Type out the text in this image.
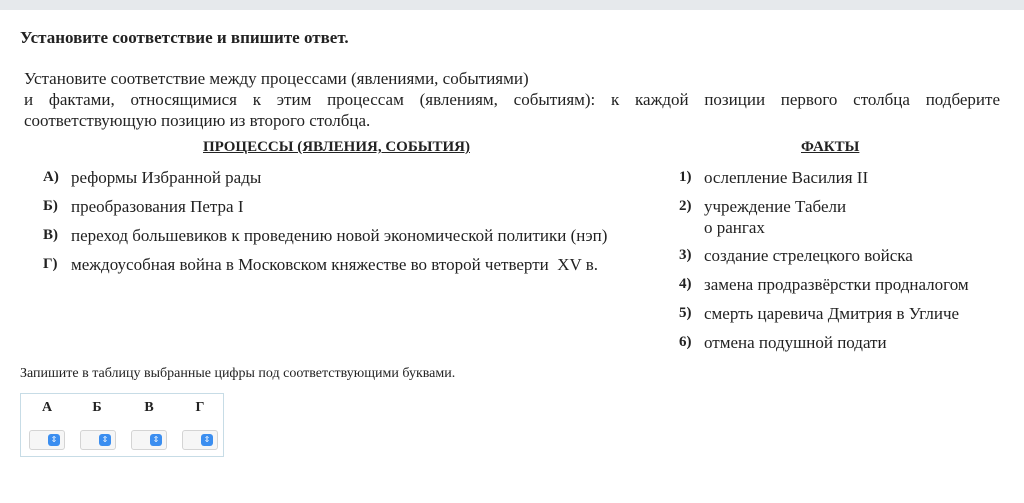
Установите соответствие и впишите ответ.

Установите соответствие между процессами (явлениями, событиями)

и фактами, относящимися к этим процессам (явлениям, событиям): к каждой позиции первого столбца подберите

соответствующую позицию из второго столбца.

ПРОЦЕССЫ (ЯВЛЕНИЯ, СОБЫТИЯ)	ФАКТЫ
А) реформы Избранной рады
Б) преобразования Петра I
В) переход большевиков к проведению новой экономической политики (нэп)
Г) междоусобная война в Московском княжестве во второй четверти  XV в.
1) ослепление Василия II
2) учреждение Табели
о рангах
3) создание стрелецкого войска
4) замена продразвёрстки продналогом
5) смерть царевича Дмитрия в Угличе
6) отмена подушной подати
Запишите в таблицу выбранные цифры под соответствующими буквами.
А	Б	В	Г
⇕	⇕	⇕	⇕
